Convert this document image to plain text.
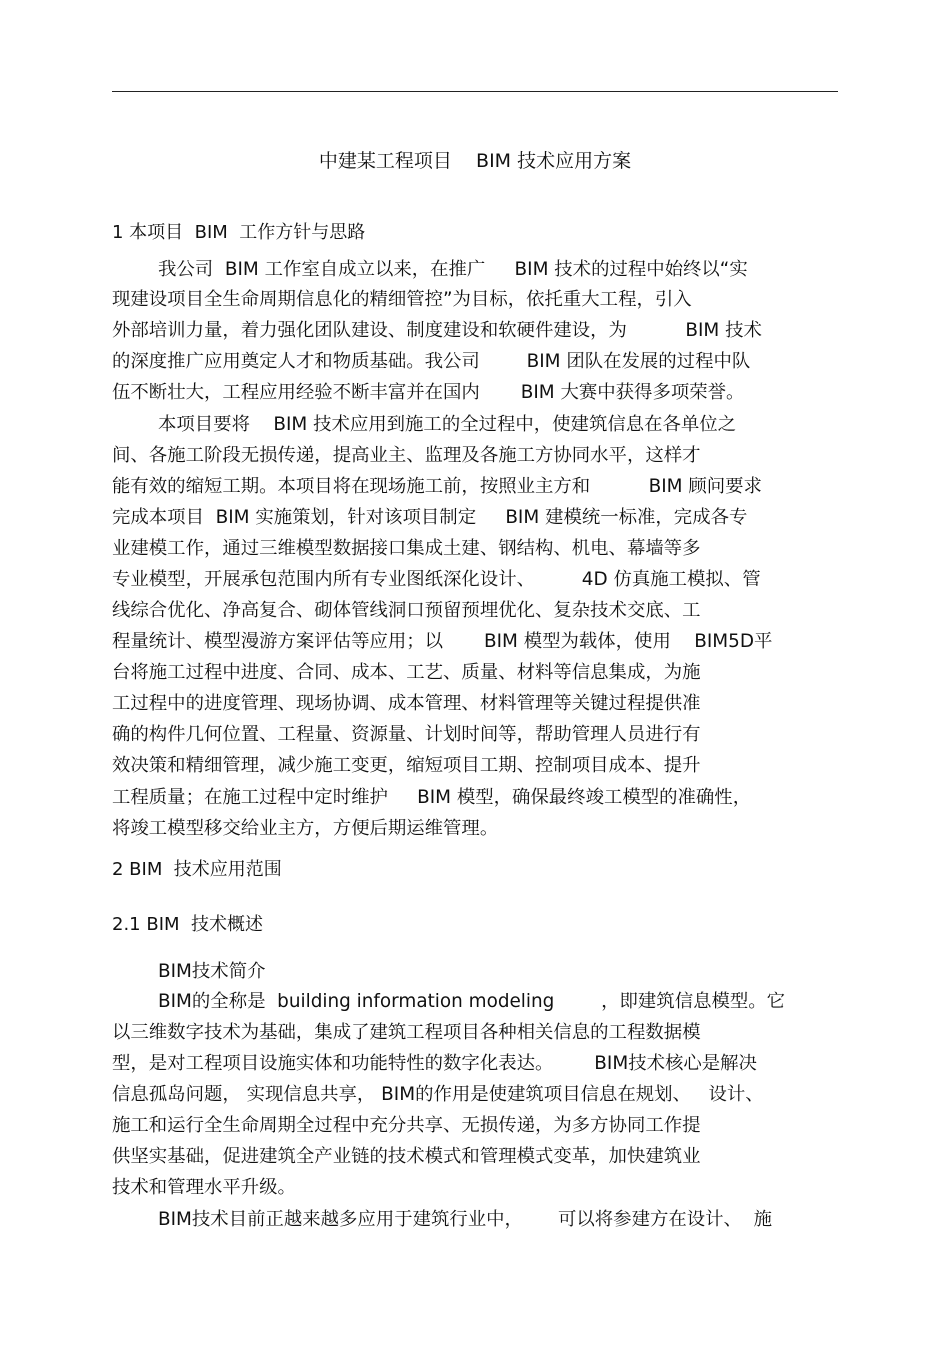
中建某工程项目    BIM 技术应用方案
1 本项目  BIM  工作方针与思路
我公司  BIM 工作室自成立以来，在推广     BIM 技术的过程中始终以“实
现建设项目全生命周期信息化的精细管控”为目标，依托重大工程，引入
外部培训力量，着力强化团队建设、制度建设和软硬件建设，为          BIM 技术
的深度推广应用奠定人才和物质基础。我公司        BIM 团队在发展的过程中队
伍不断壮大，工程应用经验不断丰富并在国内       BIM 大赛中获得多项荣誉。
本项目要将    BIM 技术应用到施工的全过程中，使建筑信息在各单位之
间、各施工阶段无损传递，提高业主、监理及各施工方协同水平，这样才
能有效的缩短工期。本项目将在现场施工前，按照业主方和          BIM 顾问要求
完成本项目  BIM 实施策划，针对该项目制定     BIM 建模统一标准，完成各专
业建模工作，通过三维模型数据接口集成土建、钢结构、机电、幕墙等多
专业模型，开展承包范围内所有专业图纸深化设计、        4D 仿真施工模拟、管
线综合优化、净高复合、砌体管线洞口预留预埋优化、复杂技术交底、工
程量统计、模型漫游方案评估等应用；以       BIM 模型为载体，使用    BIM5D平
台将施工过程中进度、合同、成本、工艺、质量、材料等信息集成，为施
工过程中的进度管理、现场协调、成本管理、材料管理等关键过程提供准
确的构件几何位置、工程量、资源量、计划时间等，帮助管理人员进行有
效决策和精细管理，减少施工变更，缩短项目工期、控制项目成本、提升
工程质量；在施工过程中定时维护     BIM 模型，确保最终竣工模型的准确性，
将竣工模型移交给业主方，方便后期运维管理。
2 BIM  技术应用范围
2.1 BIM  技术概述
BIM技术简介
BIM的全称是  building information modeling        ，即建筑信息模型。它
以三维数字技术为基础，集成了建筑工程项目各种相关信息的工程数据模
型，是对工程项目设施实体和功能特性的数字化表达。       BIM技术核心是解决
信息孤岛问题， 实现信息共享， BIM的作用是使建筑项目信息在规划、   设计、
施工和运行全生命周期全过程中充分共享、无损传递，为多方协同工作提
供坚实基础，促进建筑全产业链的技术模式和管理模式变革，加快建筑业
技术和管理水平升级。
BIM技术目前正越来越多应用于建筑行业中，      可以将参建方在设计、  施
